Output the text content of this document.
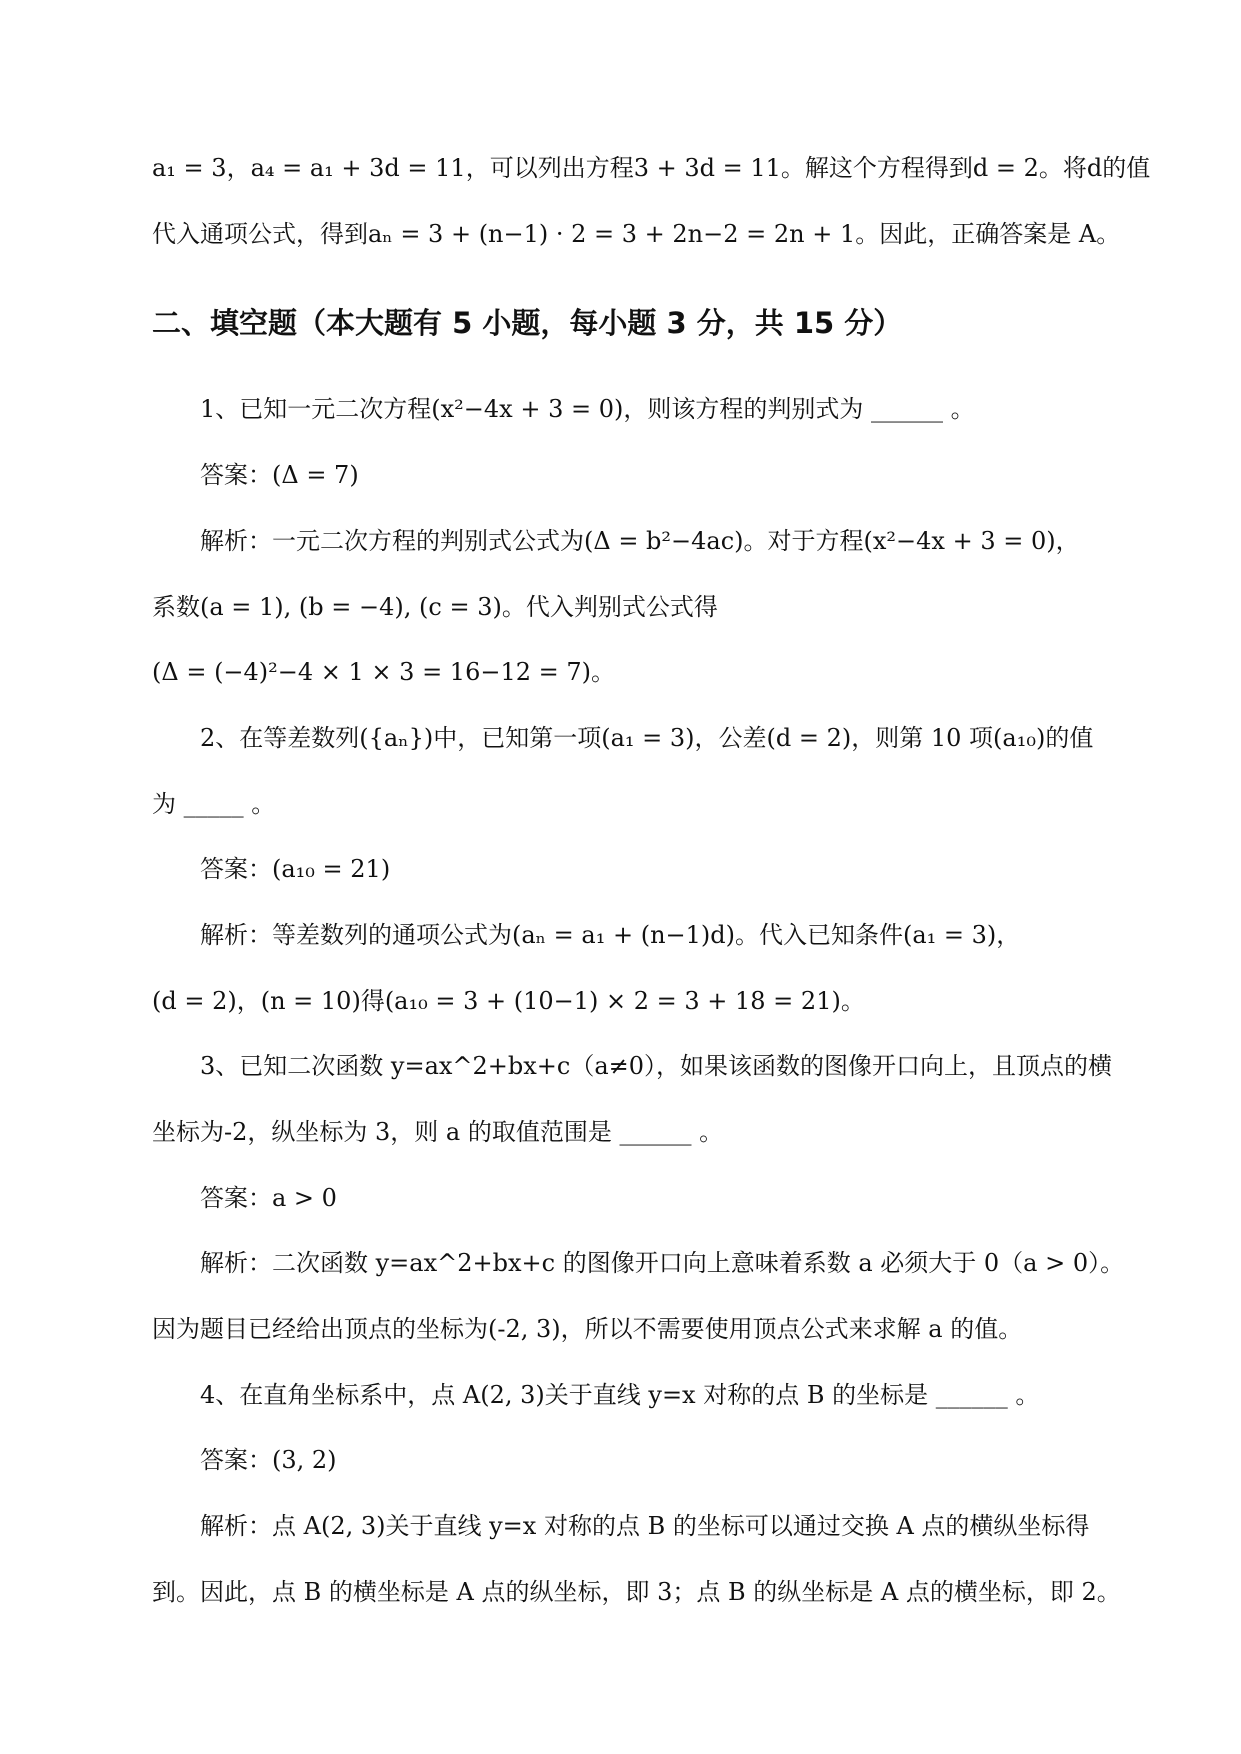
a₁ = 3，a₄ = a₁ + 3d = 11，可以列出方程3 + 3d = 11。解这个方程得到d = 2。将d的值
代入通项公式，得到aₙ = 3 + (n−1) · 2 = 3 + 2n−2 = 2n + 1。因此，正确答案是 A。
二、填空题（本大题有 5 小题，每小题 3 分，共 15 分）
1、已知一元二次方程(x²−4x + 3 = 0)，则该方程的判别式为 ______ 。
答案：(Δ = 7)
解析：一元二次方程的判别式公式为(Δ = b²−4ac)。对于方程(x²−4x + 3 = 0)，
系数(a = 1), (b = −4), (c = 3)。代入判别式公式得
(Δ = (−4)²−4 × 1 × 3 = 16−12 = 7)。
2、在等差数列({aₙ})中，已知第一项(a₁ = 3)，公差(d = 2)，则第 10 项(a₁₀)的值
为 _____ 。
答案：(a₁₀ = 21)
解析：等差数列的通项公式为(aₙ = a₁ + (n−1)d)。代入已知条件(a₁ = 3)，
(d = 2)，(n = 10)得(a₁₀ = 3 + (10−1) × 2 = 3 + 18 = 21)。
3、已知二次函数 y=ax^2+bx+c（a≠0），如果该函数的图像开口向上，且顶点的横
坐标为-2，纵坐标为 3，则 a 的取值范围是 ______ 。
答案：a > 0
解析：二次函数 y=ax^2+bx+c 的图像开口向上意味着系数 a 必须大于 0（a > 0）。
因为题目已经给出顶点的坐标为(-2, 3)，所以不需要使用顶点公式来求解 a 的值。
4、在直角坐标系中，点 A(2, 3)关于直线 y=x 对称的点 B 的坐标是 ______ 。
答案：(3, 2)
解析：点 A(2, 3)关于直线 y=x 对称的点 B 的坐标可以通过交换 A 点的横纵坐标得
到。因此，点 B 的横坐标是 A 点的纵坐标，即 3；点 B 的纵坐标是 A 点的横坐标，即 2。
